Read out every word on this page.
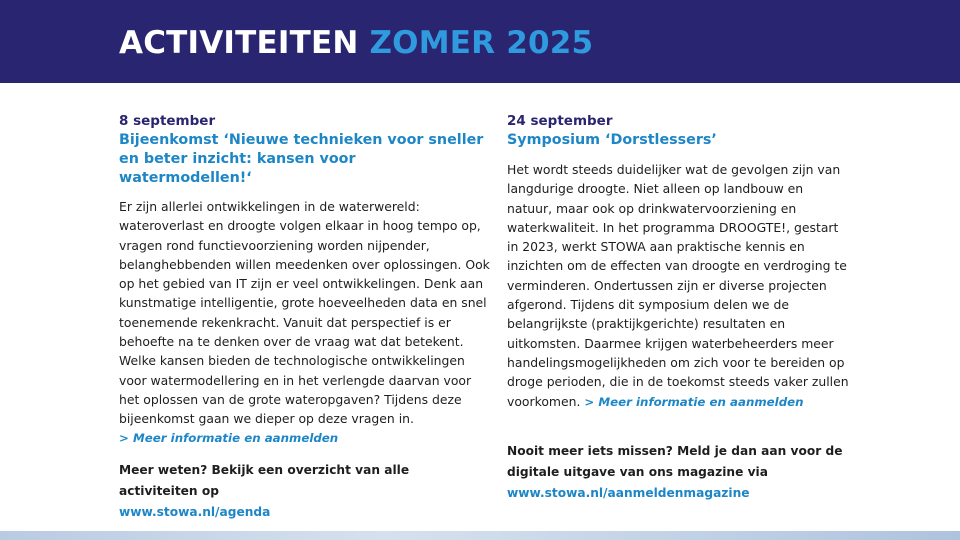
ACTIVITEITEN ZOMER 2025
8 september
Bijeenkomst ‘Nieuwe technieken voor sneller en beter inzicht: kansen voor watermodellen!‘
Er zijn allerlei ontwikkelingen in de waterwereld: wateroverlast en droogte volgen elkaar in hoog tempo op, vragen rond functievoorziening worden nijpender, belanghebbenden willen meedenken over oplossingen. Ook op het gebied van IT zijn er veel ontwikkelingen. Denk aan kunstmatige intelligentie, grote hoeveelheden data en snel toenemende rekenkracht. Vanuit dat perspectief is er behoefte na te denken over de vraag wat dat betekent. Welke kansen bieden de technologische ontwikkelingen voor watermodellering en in het verlengde daarvan voor het oplossen van de grote wateropgaven? Tijdens deze bijeenkomst gaan we dieper op deze vragen in.
> Meer informatie en aanmelden
24 september
Symposium ‘Dorstlessers’
Het wordt steeds duidelijker wat de gevolgen zijn van langdurige droogte. Niet alleen op landbouw en natuur, maar ook op drinkwatervoorziening en waterkwaliteit. In het programma DROOGTE!, gestart in 2023, werkt STOWA aan praktische kennis en inzichten om de effecten van droogte en verdroging te verminderen. Ondertussen zijn er diverse projecten afgerond. Tijdens dit symposium delen we de belangrijkste (praktijkgerichte) resultaten en uitkomsten. Daarmee krijgen waterbeheerders meer handelingsmogelijkheden om zich voor te bereiden op droge perioden, die in de toekomst steeds vaker zullen voorkomen. > Meer informatie en aanmelden
Meer weten? Bekijk een overzicht van alle activiteiten op
www.stowa.nl/agenda
Nooit meer iets missen? Meld je dan aan voor de digitale uitgave van ons magazine via
www.stowa.nl/aanmeldenmagazine
